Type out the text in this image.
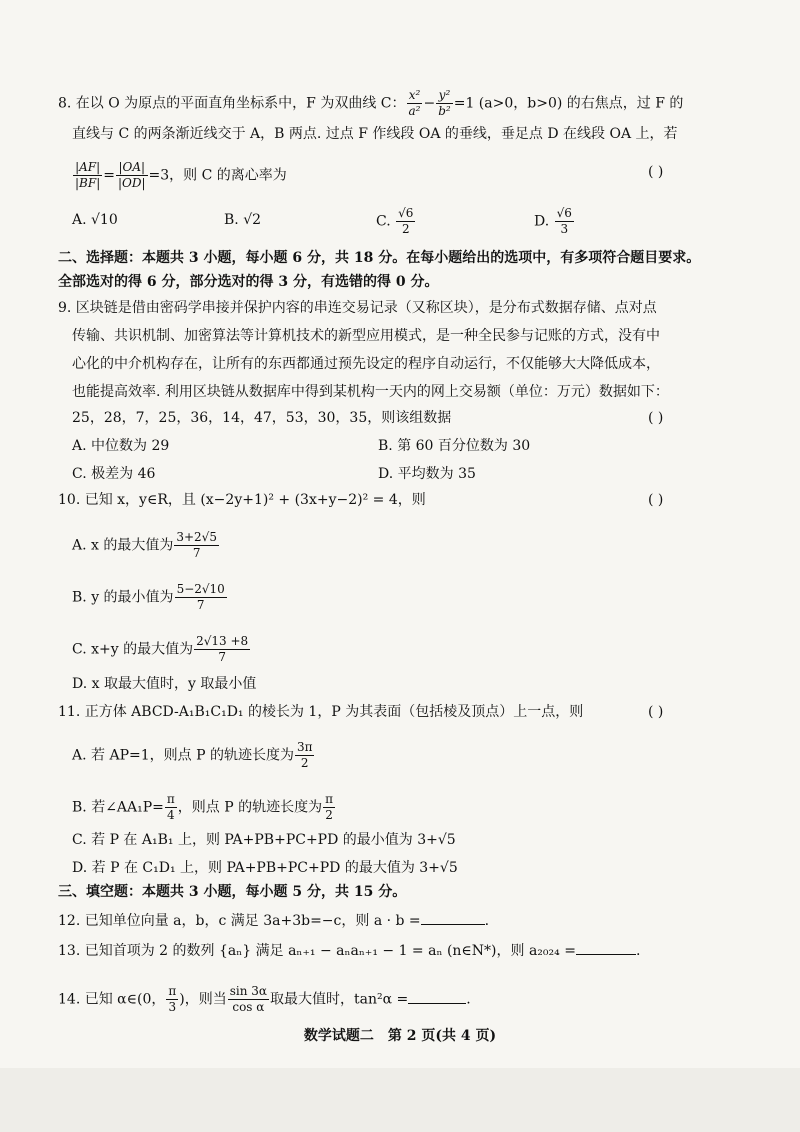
8. 在以 O 为原点的平面直角坐标系中，F 为双曲线 C： $\frac{\text{x²}}{\text{a²}} - \frac{\text{y²}}{\text{b²}} =1$ (a>0，b>0) 的右焦点，过 F 的
直线与 C 的两条渐近线交于 A，B 两点. 过点 F 作线段 OA 的垂线，垂足点 D 在线段 OA 上，若
$\frac{|AF|}{|BF|} = \frac{|OA|}{|OD|} =3$，则 C 的离心率为	( )
A. √10	B. √2	C. $\frac{√6}{2}$	D. $\frac{√6}{3}$
二、选择题：本题共 3 小题，每小题 6 分，共 18 分。在每小题给出的选项中，有多项符合题目要求。
全部选对的得 6 分，部分选对的得 3 分，有选错的得 0 分。
9. 区块链是借由密码学串接并保护内容的串连交易记录（又称区块），是分布式数据存储、点对点
传输、共识机制、加密算法等计算机技术的新型应用模式，是一种全民参与记账的方式，没有中
心化的中介机构存在，让所有的东西都通过预先设定的程序自动运行，不仅能够大大降低成本，
也能提高效率. 利用区块链从数据库中得到某机构一天内的网上交易额（单位：万元）数据如下：
25，28，7，25，36，14，47，53，30，35，则该组数据	( )
A. 中位数为 29	B. 第 60 百分位数为 30
C. 极差为 46	D. 平均数为 35
10. 已知 x，y∈R，且 (x−2y+1)² + (3x+y−2)² = 4，则	( )
A. x 的最大值为 $\frac{3+2√5}{7}$
B. y 的最小值为 $\frac{5-2√10}{7}$
C. x+y 的最大值为 $\frac{2√13 +8}{7}$
D. x 取最大值时，y 取最小值
11. 正方体 ABCD-A₁B₁C₁D₁ 的棱长为 1，P 为其表面（包括棱及顶点）上一点，则	( )
A. 若 AP=1，则点 P 的轨迹长度为 $\frac{3\pi}{2}$
B. 若∠AA₁P= $\frac{\pi}{4}$ ，则点 P 的轨迹长度为 $\frac{\pi}{2}$
C. 若 P 在 A₁B₁ 上，则 PA+PB+PC+PD 的最小值为 3+√5
D. 若 P 在 C₁D₁ 上，则 PA+PB+PC+PD 的最大值为 3+√5
三、填空题：本题共 3 小题，每小题 5 分，共 15 分。
12. 已知单位向量 a，b，c 满足 3a+3b=−c，则 a · b =	.
13. 已知首项为 2 的数列 {aₙ} 满足 aₙ₊₁ − aₙaₙ₊₁ − 1 = aₙ (n∈N*)，则 a₂₀₂₄ =	.
14. 已知 α∈(0， $\frac{\pi}{3}$ )，则当 $\frac{\sin 3\alpha}{\text{cos α}}$ 取最大值时，tan²α =	.
数学试题二　第 2 页(共 4 页)
